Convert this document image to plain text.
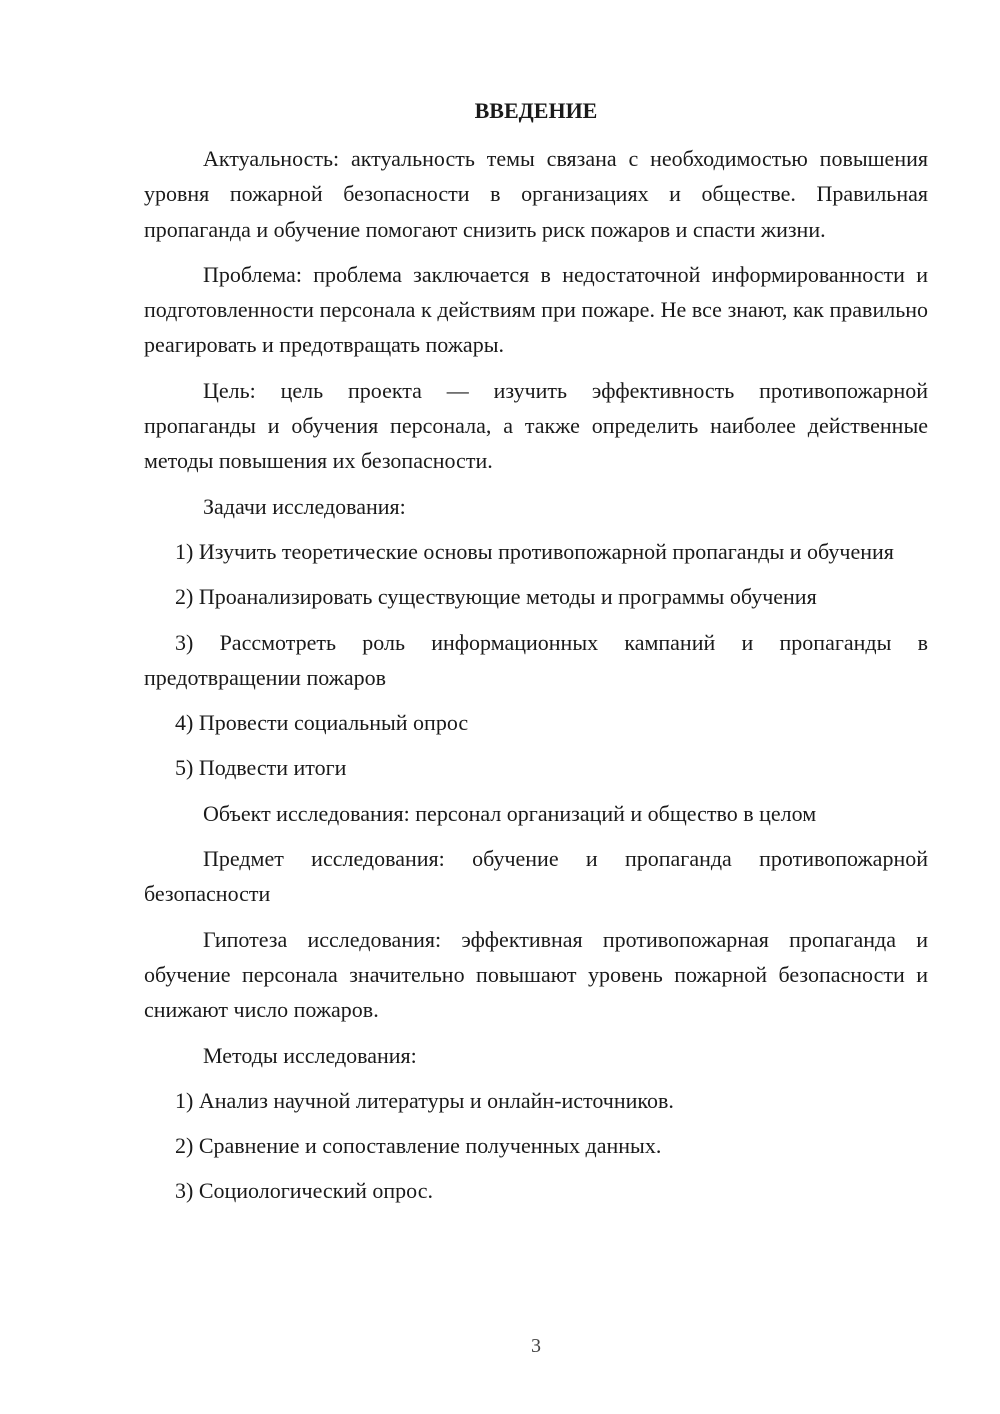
ВВЕДЕНИЕ

Актуальность: актуальность темы связана с необходимостью повышения уровня пожарной безопасности в организациях и обществе. Правильная пропаганда и обучение помогают снизить риск пожаров и спасти жизни.

Проблема: проблема заключается в недостаточной информированности и подготовленности персонала к действиям при пожаре. Не все знают, как правильно реагировать и предотвращать пожары.

Цель: цель проекта — изучить эффективность противопожарной пропаганды и обучения персонала, а также определить наиболее действенные методы повышения их безопасности.

Задачи исследования:

1) Изучить теоретические основы противопожарной пропаганды и обучения

2) Проанализировать существующие методы и программы обучения

3) Рассмотреть роль информационных кампаний и пропаганды в предотвращении пожаров

4) Провести социальный опрос

5) Подвести итоги

Объект исследования: персонал организаций и общество в целом

Предмет исследования: обучение и пропаганда противопожарной безопасности

Гипотеза исследования: эффективная противопожарная пропаганда и обучение персонала значительно повышают уровень пожарной безопасности и снижают число пожаров.

Методы исследования:

1) Анализ научной литературы и онлайн-источников.

2) Сравнение и сопоставление полученных данных.

3) Социологический опрос.

3
